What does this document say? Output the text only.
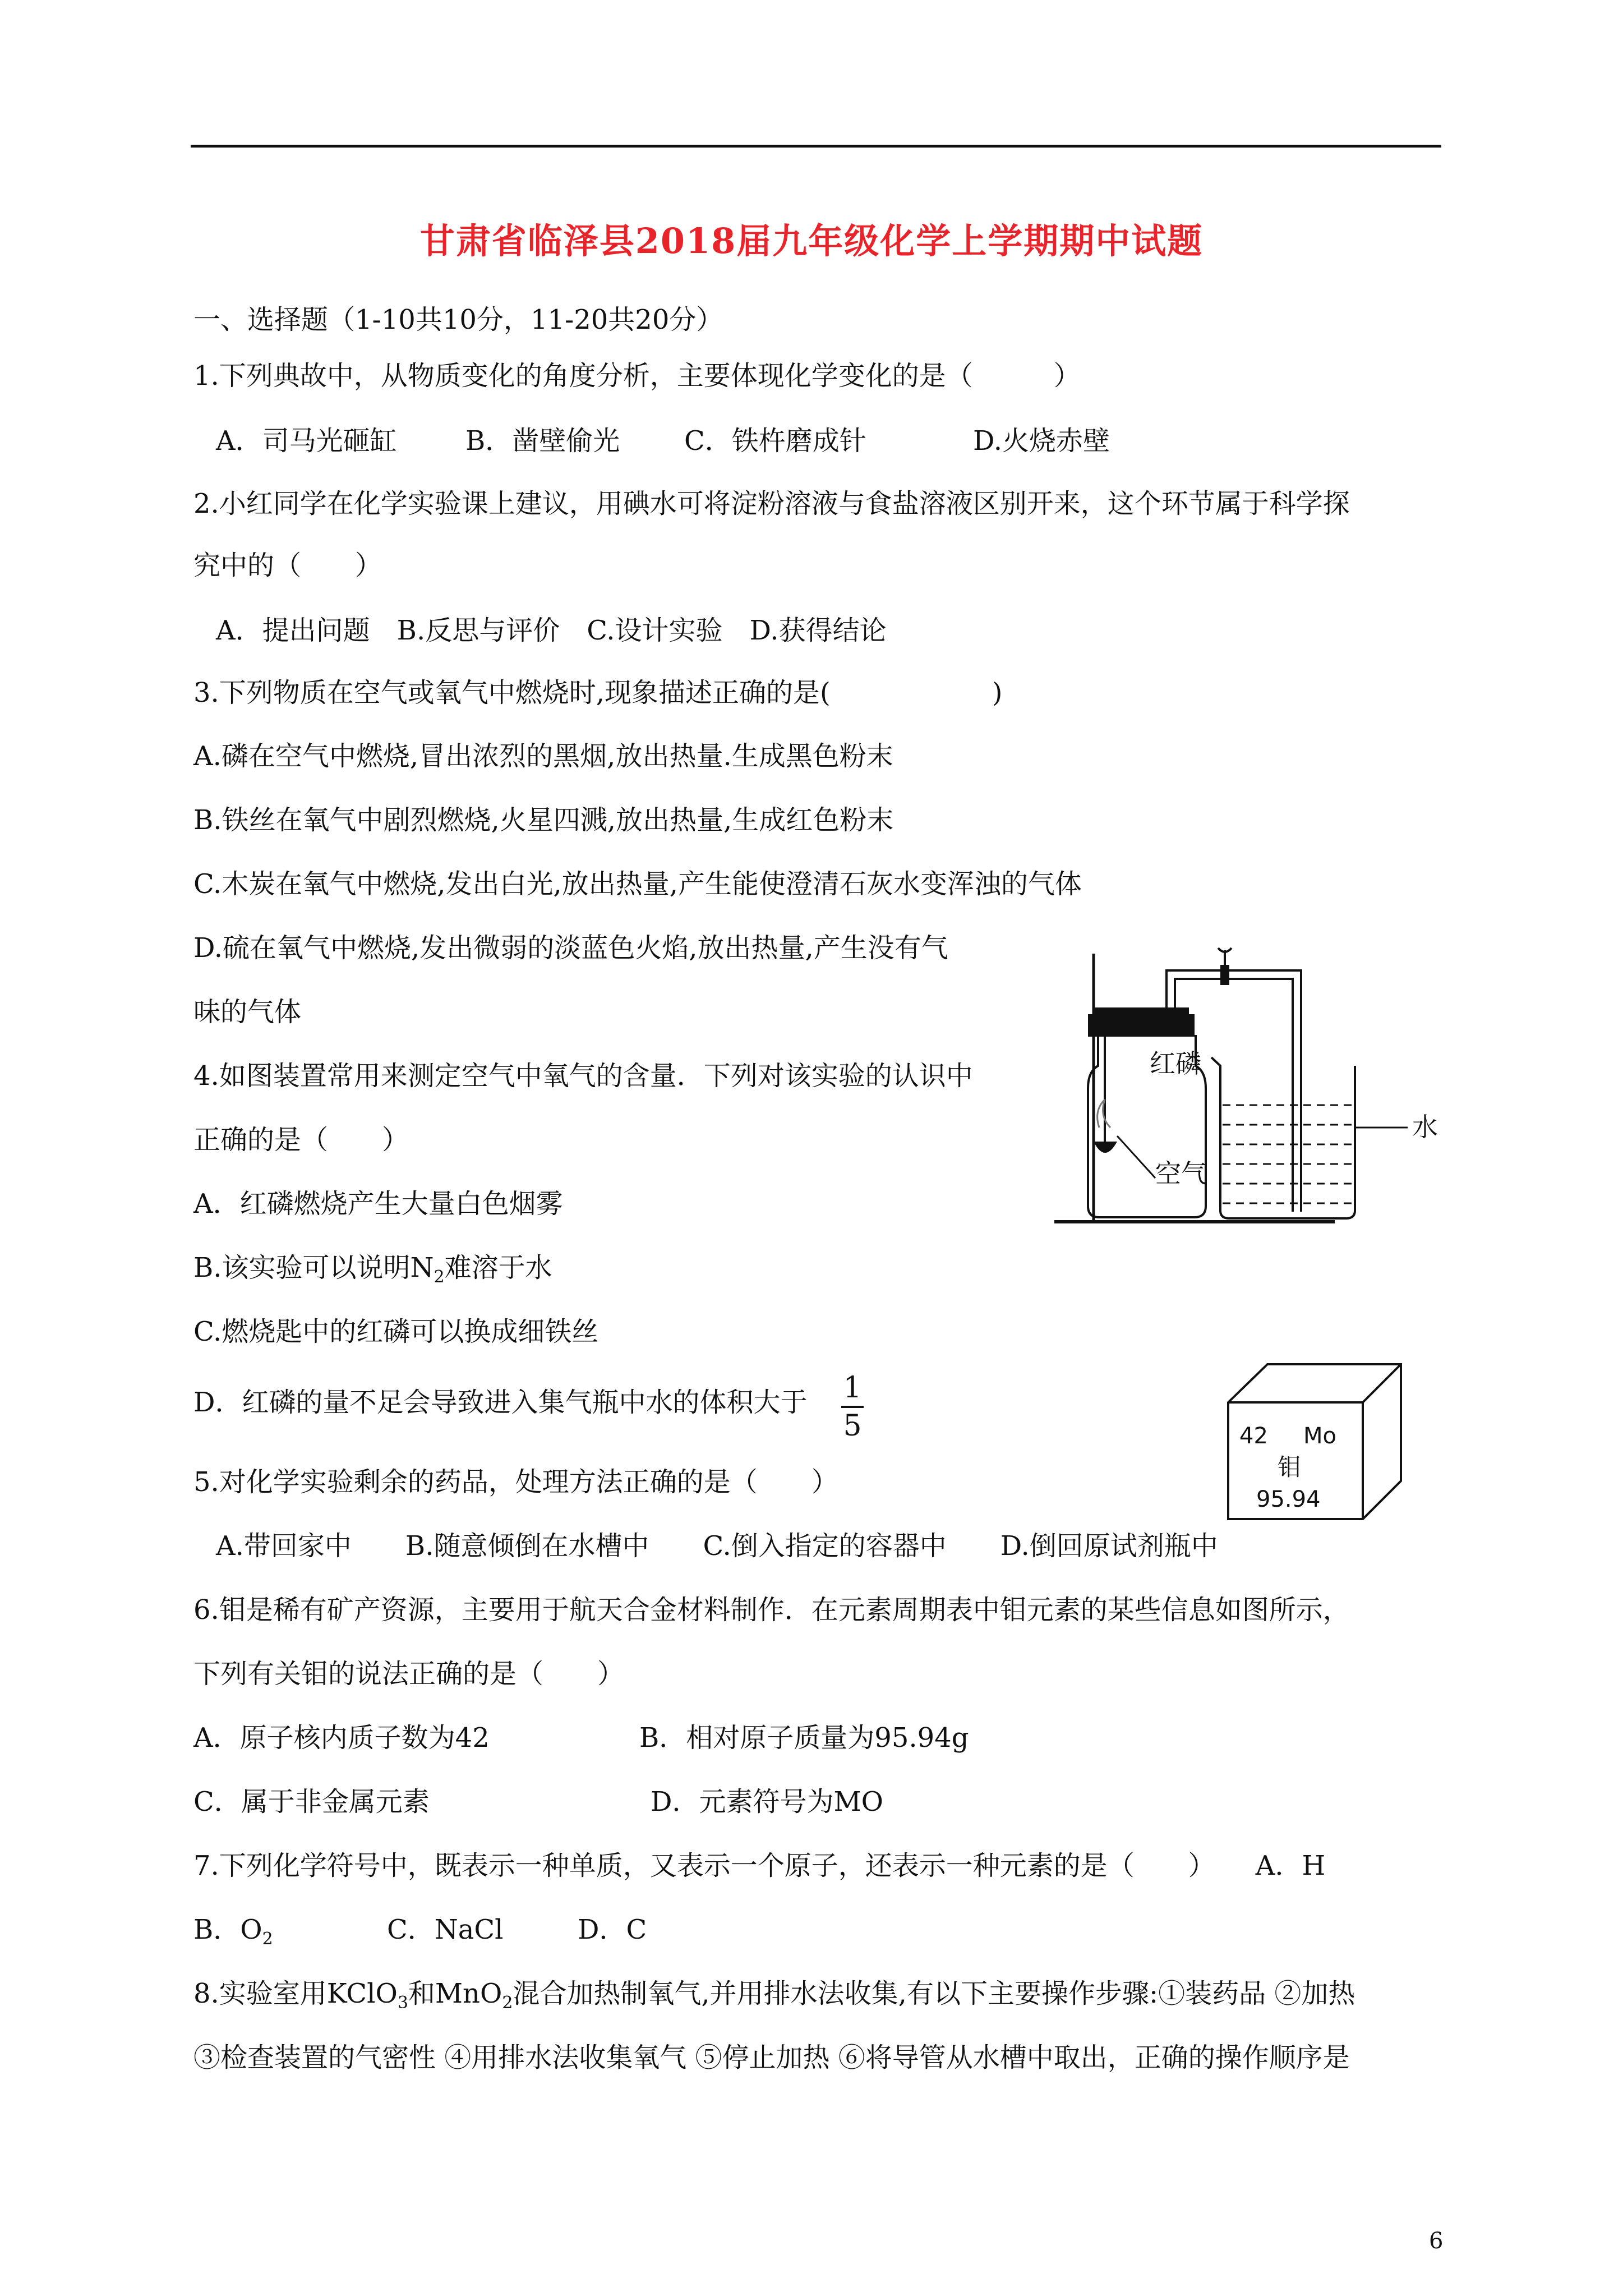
甘肃省临泽县2018届九年级化学上学期期中试题
一、选择题（1-10共10分，11-20共20分）
1.下列典故中，从物质变化的角度分析，主要体现化学变化的是（　　　）
A．司马光砸缸	B．凿壁偷光 C．铁杵磨成针	D.火烧赤壁
2.小红同学在化学实验课上建议，用碘水可将淀粉溶液与食盐溶液区别开来，这个环节属于科学探
究中的（　　）
A．提出问题　B.反思与评价　C.设计实验　D.获得结论
3.下列物质在空气或氧气中燃烧时,现象描述正确的是(　　　　　　)
A.磷在空气中燃烧,冒出浓烈的黑烟,放出热量.生成黑色粉末
B.铁丝在氧气中剧烈燃烧,火星四溅,放出热量,生成红色粉末
C.木炭在氧气中燃烧,发出白光,放出热量,产生能使澄清石灰水变浑浊的气体
D.硫在氧气中燃烧,发出微弱的淡蓝色火焰,放出热量,产生没有气
味的气体
4.如图装置常用来测定空气中氧气的含量．下列对该实验的认识中
正确的是（　　）
A．红磷燃烧产生大量白色烟雾
B.该实验可以说明$N_2$难溶于水
C.燃烧匙中的红磷可以换成细铁丝
D．红磷的量不足会导致进入集气瓶中水的体积大于 1
5
红磷
空气
水
42 Mo
钼
95.94
5.对化学实验剩余的药品，处理方法正确的是（　　）
A.带回家中　　B.随意倾倒在水槽中　　C.倒入指定的容器中　　D.倒回原试剂瓶中
6.钼是稀有矿产资源，主要用于航天合金材料制作．在元素周期表中钼元素的某些信息如图所示，
下列有关钼的说法正确的是（　　）
A．原子核内质子数为42	B．相对原子质量为95.94g
C．属于非金属元素	D．元素符号为MO
7.下列化学符号中，既表示一种单质，又表示一个原子，还表示一种元素的是（　　）　　A．H
B．$O_2$	C．NaCl	D．C
8.实验室用KClO$_3$和MnO$_2$混合加热制氧气,并用排水法收集,有以下主要操作步骤:①装药品 ②加热
③检查装置的气密性 ④用排水法收集氧气 ⑤停止加热 ⑥将导管从水槽中取出，正确的操作顺序是
6
